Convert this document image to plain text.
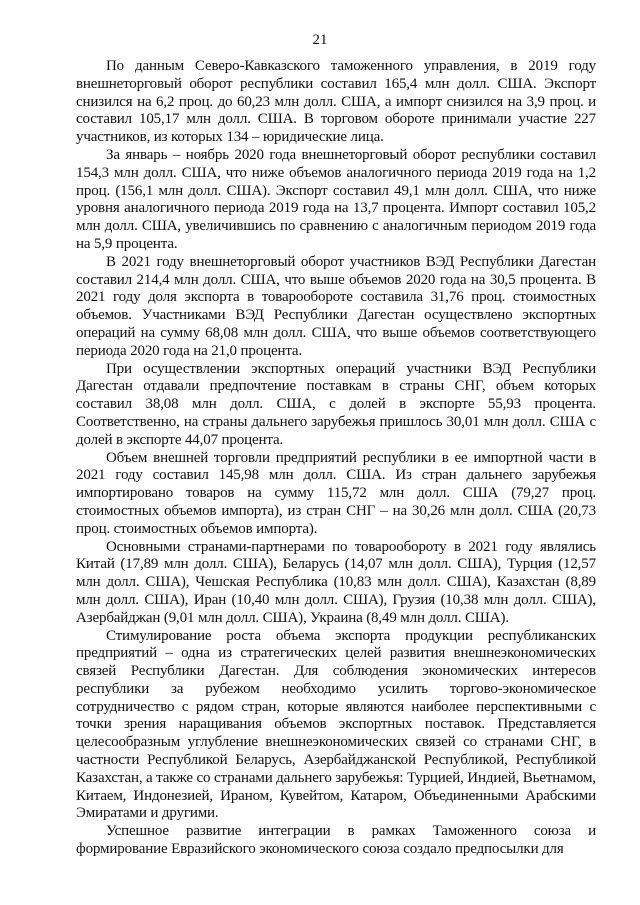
21

По данным Северо-Кавказского таможенного управления, в 2019 году внешнеторговый оборот республики составил 165,4 млн долл. США. Экспорт снизился на 6,2 проц. до 60,23 млн долл. США, а импорт снизился на 3,9 проц. и составил 105,17 млн долл. США. В торговом обороте принимали участие 227 участников, из которых 134 – юридические лица.

За январь – ноябрь 2020 года внешнеторговый оборот республики составил 154,3 млн долл. США, что ниже объемов аналогичного периода 2019 года на 1,2 проц. (156,1 млн долл. США). Экспорт составил 49,1 млн долл. США, что ниже уровня аналогичного периода 2019 года на 13,7 процента. Импорт составил 105,2 млн долл. США, увеличившись по сравнению с аналогичным периодом 2019 года на 5,9 процента.

В 2021 году внешнеторговый оборот участников ВЭД Республики Дагестан составил 214,4 млн долл. США, что выше объемов 2020 года на 30,5 процента. В 2021 году доля экспорта в товарообороте составила 31,76 проц. стоимостных объемов. Участниками ВЭД Республики Дагестан осуществлено экспортных операций на сумму 68,08 млн долл. США, что выше объемов соответствующего периода 2020 года на 21,0 процента.

При осуществлении экспортных операций участники ВЭД Республики Дагестан отдавали предпочтение поставкам в страны СНГ, объем которых составил 38,08 млн долл. США, с долей в экспорте 55,93 процента. Соответственно, на страны дальнего зарубежья пришлось 30,01 млн долл. США с долей в экспорте 44,07 процента.

Объем внешней торговли предприятий республики в ее импортной части в 2021 году составил 145,98 млн долл. США. Из стран дальнего зарубежья импортировано товаров на сумму 115,72 млн долл. США (79,27 проц. стоимостных объемов импорта), из стран СНГ – на 30,26 млн долл. США (20,73 проц. стоимостных объемов импорта).

Основными странами-партнерами по товарообороту в 2021 году являлись Китай (17,89 млн долл. США), Беларусь (14,07 млн долл. США), Турция (12,57 млн долл. США), Чешская Республика (10,83 млн долл. США), Казахстан (8,89 млн долл. США), Иран (10,40 млн долл. США), Грузия (10,38 млн долл. США), Азербайджан (9,01 млн долл. США), Украина (8,49 млн долл. США).

Стимулирование роста объема экспорта продукции республиканских предприятий – одна из стратегических целей развития внешнеэкономических связей Республики Дагестан. Для соблюдения экономических интересов республики за рубежом необходимо усилить торгово-экономическое сотрудничество с рядом стран, которые являются наиболее перспективными с точки зрения наращивания объемов экспортных поставок. Представляется целесообразным углубление внешнеэкономических связей со странами СНГ, в частности Республикой Беларусь, Азербайджанской Республикой, Республикой Казахстан, а также со странами дальнего зарубежья: Турцией, Индией, Вьетнамом, Китаем, Индонезией, Ираном, Кувейтом, Катаром, Объединенными Арабскими Эмиратами и другими.

Успешное развитие интеграции в рамках Таможенного союза и формирование Евразийского экономического союза создало предпосылки для
